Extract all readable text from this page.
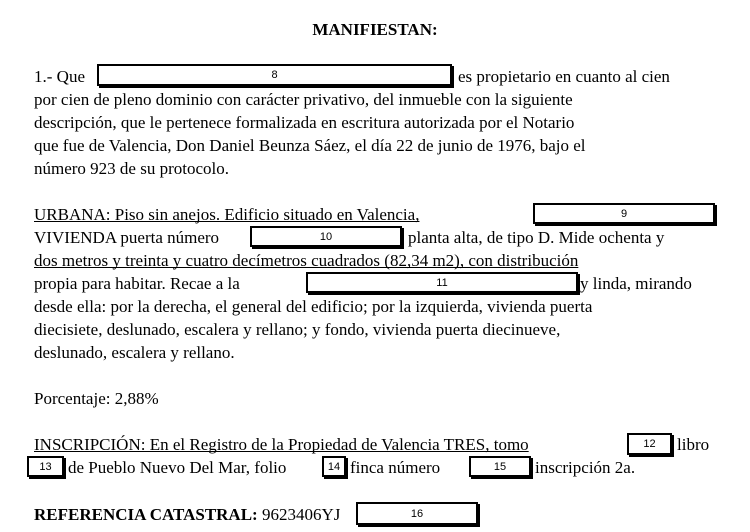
MANIFIESTAN:
1.- Que	es propietario en cuanto al cien
por cien de pleno dominio con carácter privativo, del inmueble con la siguiente
descripción, que le pertenece formalizada en escritura autorizada por el Notario
que fue de Valencia, Don Daniel Beunza Sáez, el día 22 de junio de 1976, bajo el
número 923 de su protocolo.
URBANA: Piso sin anejos. Edificio situado en Valencia,
VIVIENDA puerta número	planta alta, de tipo D. Mide ochenta y
dos metros y treinta y cuatro decímetros cuadrados (82,34 m2), con distribución
propia para habitar. Recae a la	y linda, mirando
desde ella: por la derecha, el general del edificio; por la izquierda, vivienda puerta
diecisiete, deslunado, escalera y rellano; y fondo, vivienda puerta diecinueve,
deslunado, escalera y rellano.
Porcentaje: 2,88%
INSCRIPCIÓN: En el Registro de la Propiedad de Valencia TRES, tomo	libro
de Pueblo Nuevo Del Mar, folio	finca número	inscripción 2a.
REFERENCIA CATASTRAL: 9623406YJ
8
9
10
11
12
13	14	15
16
